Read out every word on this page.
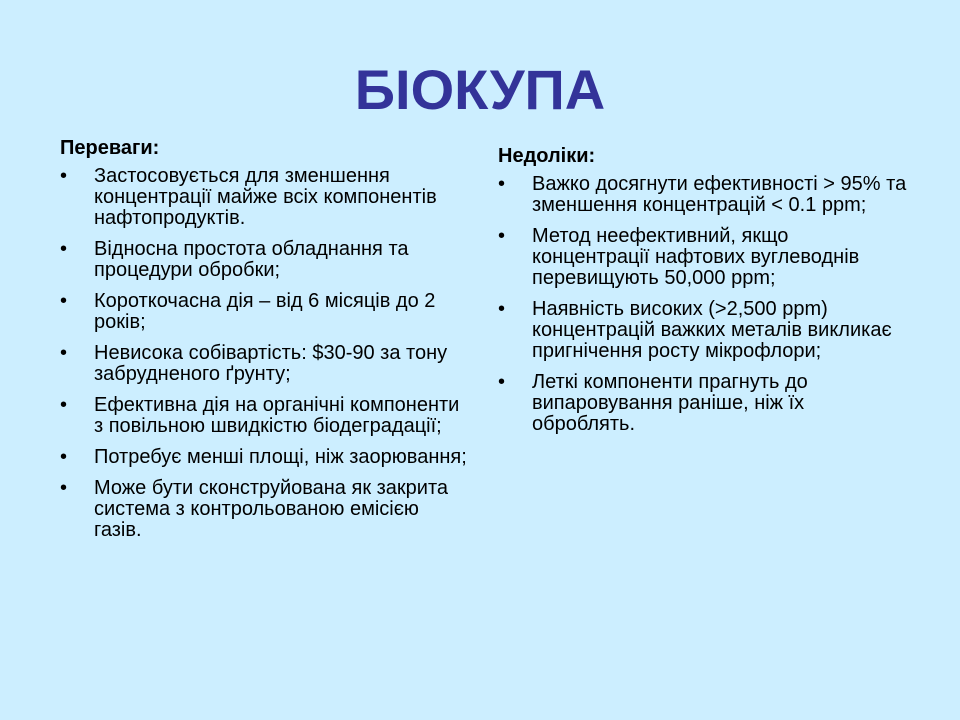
БІОКУПА
Переваги:
• Застосовується для зменшення концентрації майже всіх компонентів нафтопродуктів.
• Відносна простота обладнання та процедури обробки;
• Короткочасна дія – від 6 місяців до 2 років;
• Невисока собівартість: $30-90 за тону забрудненого ґрунту;
• Ефективна дія на органічні компоненти з повільною швидкістю біодеградації;
• Потребує менші площі, ніж заорювання;
• Може бути сконструйована як закрита система з контрольованою емісією газів.
Недоліки:
• Важко досягнути ефективності > 95% та зменшення концентрацій < 0.1 ppm;
• Метод неефективний, якщо концентрації нафтових вуглеводнів перевищують 50,000 ppm;
• Наявність високих (>2,500 ppm) концентрацій важких металів викликає пригнічення росту мікрофлори;
• Леткі компоненти прагнуть до випаровування раніше, ніж їх оброблять.
